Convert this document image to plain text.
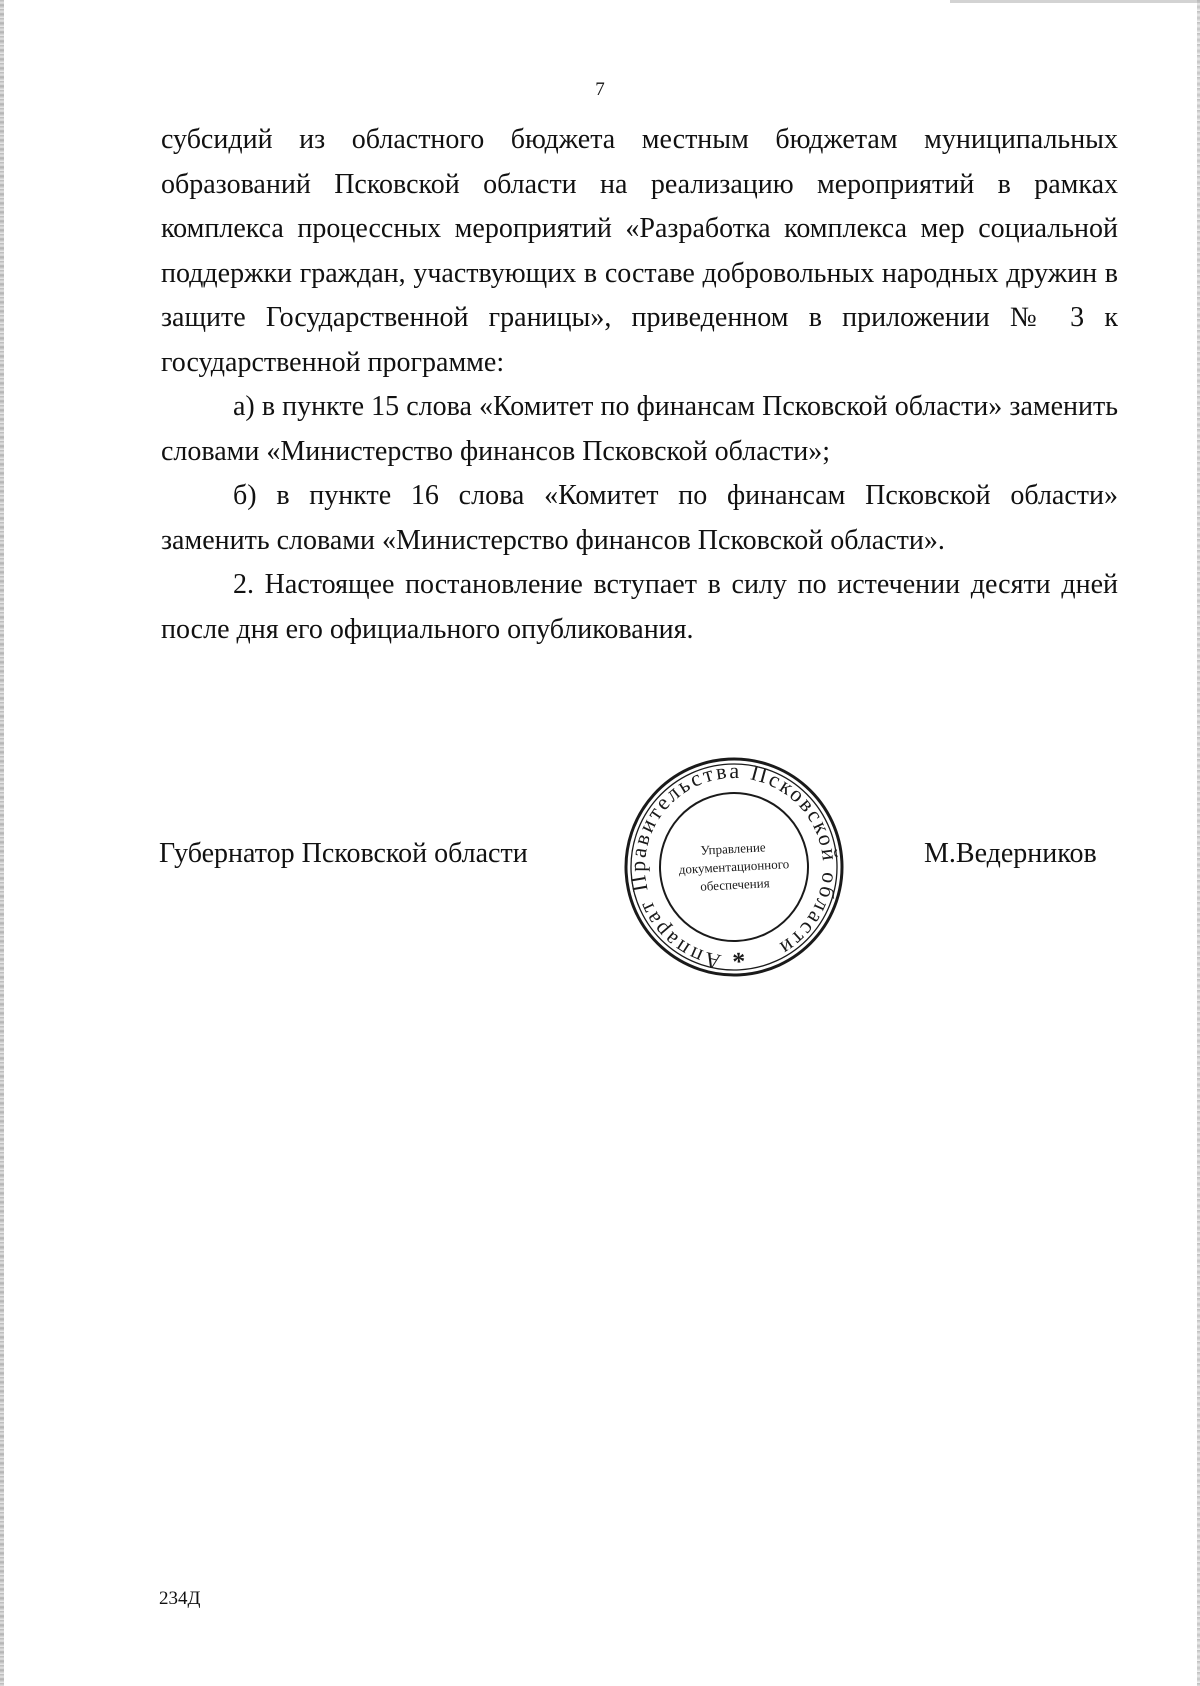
7

субсидий из областного бюджета местным бюджетам муниципальных образований Псковской области на реализацию мероприятий в рамках комплекса процессных мероприятий «Разработка комплекса мер социальной поддержки граждан, участвующих в составе добровольных народных дружин в защите Государственной границы», приведенном в приложении № 3 к государственной программе:

а) в пункте 15 слова «Комитет по финансам Псковской области» заменить словами «Министерство финансов Псковской области»;

б) в пункте 16 слова «Комитет по финансам Псковской области» заменить словами «Министерство финансов Псковской области».

2. Настоящее постановление вступает в силу по истечении десяти дней после дня его официального опубликования.

Губернатор Псковской области
Аппарат Правительства Псковской области
Управление
документационного
обеспечения
*
М.Ведерников
234Д
